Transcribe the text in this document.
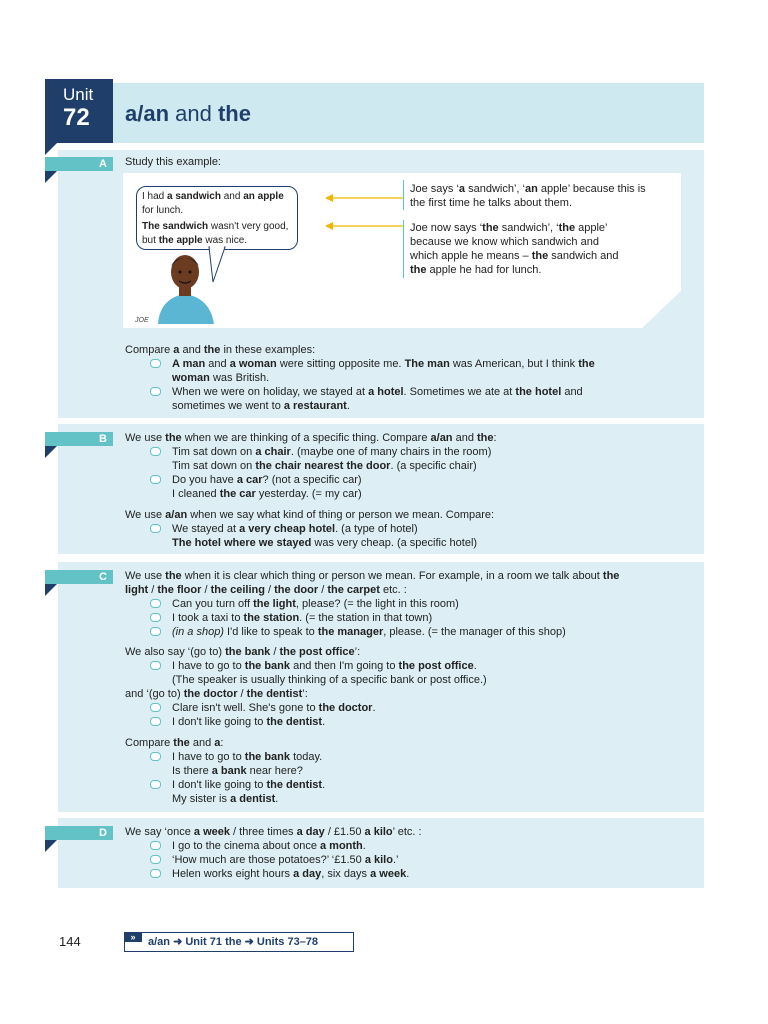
Unit
72 a/an and the
A	Study this example:
I had a sandwich and an apple
for lunch.
The sandwich wasn't very good,
but the apple was nice.
JOE
Joe says ‘a sandwich’, ‘an apple’ because this is
the first time he talks about them.
Joe now says ‘the sandwich’, ‘the apple’
because we know which sandwich and
which apple he means – the sandwich and
the apple he had for lunch.
Compare a and the in these examples:
A man and a woman were sitting opposite me. The man was American, but I think the
woman was British.
When we were on holiday, we stayed at a hotel. Sometimes we ate at the hotel and
sometimes we went to a restaurant.
B	We use the when we are thinking of a specific thing. Compare a/an and the:
Tim sat down on a chair. (maybe one of many chairs in the room)
Tim sat down on the chair nearest the door. (a specific chair)
Do you have a car? (not a specific car)
I cleaned the car yesterday. (= my car)
We use a/an when we say what kind of thing or person we mean. Compare:
We stayed at a very cheap hotel. (a type of hotel)
The hotel where we stayed was very cheap. (a specific hotel)
C	We use the when it is clear which thing or person we mean. For example, in a room we talk about the
light / the floor / the ceiling / the door / the carpet etc. :
Can you turn off the light, please? (= the light in this room)
I took a taxi to the station. (= the station in that town)
(in a shop) I'd like to speak to the manager, please. (= the manager of this shop)
We also say ‘(go to) the bank / the post office’:
I have to go to the bank and then I'm going to the post office.
(The speaker is usually thinking of a specific bank or post office.)
and ‘(go to) the doctor / the dentist’:
Clare isn't well. She's gone to the doctor.
I don't like going to the dentist.
Compare the and a:
I have to go to the bank today.
Is there a bank near here?
I don't like going to the dentist.
My sister is a dentist.
D	We say ‘once a week / three times a day / £1.50 a kilo’ etc. :
I go to the cinema about once a month.
‘How much are those potatoes?’ ‘£1.50 a kilo.’
Helen works eight hours a day, six days a week.
144	»	a/an ➜ Unit 71 the ➜ Units 73–78
